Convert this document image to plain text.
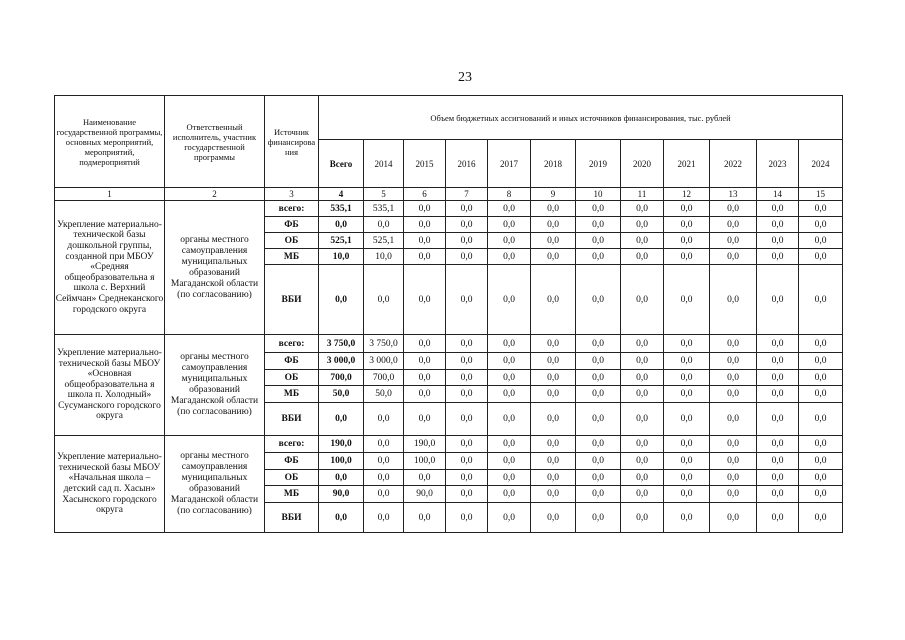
23
Наименование государственной программы, основных мероприятий, мероприятий, подмероприятий	Ответственный исполнитель, участник государственной программы	Источник финансирова ния	Объем бюджетных ассигнований и иных источников финансирования, тыс. рублей											
			Всего	2014	2015	2016	2017	2018	2019	2020	2021	2022	2023	2024
1	2	3	4	5	6	7	8	9	10	11	12	13	14	15
Укрепление материально-технической базы дошкольной группы, созданной при МБОУ «Средняя общеобразовательна я школа с. Верхний Сеймчан» Среднеканского городского округа	органы местного самоуправления муниципальных образований Магаданской области (по согласованию)	всего:	535,1	535,1	0,0	0,0	0,0	0,0	0,0	0,0	0,0	0,0	0,0	0,0
		ФБ	0,0	0,0	0,0	0,0	0,0	0,0	0,0	0,0	0,0	0,0	0,0	0,0
		ОБ	525,1	525,1	0,0	0,0	0,0	0,0	0,0	0,0	0,0	0,0	0,0	0,0
		МБ	10,0	10,0	0,0	0,0	0,0	0,0	0,0	0,0	0,0	0,0	0,0	0,0
		ВБИ	0,0	0,0	0,0	0,0	0,0	0,0	0,0	0,0	0,0	0,0	0,0	0,0
Укрепление материально-технической базы МБОУ «Основная общеобразовательна я школа п. Холодный» Сусуманского городского округа	органы местного самоуправления муниципальных образований Магаданской области (по согласованию)	всего:	3 750,0	3 750,0	0,0	0,0	0,0	0,0	0,0	0,0	0,0	0,0	0,0	0,0
		ФБ	3 000,0	3 000,0	0,0	0,0	0,0	0,0	0,0	0,0	0,0	0,0	0,0	0,0
		ОБ	700,0	700,0	0,0	0,0	0,0	0,0	0,0	0,0	0,0	0,0	0,0	0,0
		МБ	50,0	50,0	0,0	0,0	0,0	0,0	0,0	0,0	0,0	0,0	0,0	0,0
		ВБИ	0,0	0,0	0,0	0,0	0,0	0,0	0,0	0,0	0,0	0,0	0,0	0,0
Укрепление материально-технической базы МБОУ «Начальная школа – детский сад п. Хасын» Хасынского городского округа	органы местного самоуправления муниципальных образований Магаданской области (по согласованию)	всего:	190,0	0,0	190,0	0,0	0,0	0,0	0,0	0,0	0,0	0,0	0,0	0,0
		ФБ	100,0	0,0	100,0	0,0	0,0	0,0	0,0	0,0	0,0	0,0	0,0	0,0
		ОБ	0,0	0,0	0,0	0,0	0,0	0,0	0,0	0,0	0,0	0,0	0,0	0,0
		МБ	90,0	0,0	90,0	0,0	0,0	0,0	0,0	0,0	0,0	0,0	0,0	0,0
		ВБИ	0,0	0,0	0,0	0,0	0,0	0,0	0,0	0,0	0,0	0,0	0,0	0,0
